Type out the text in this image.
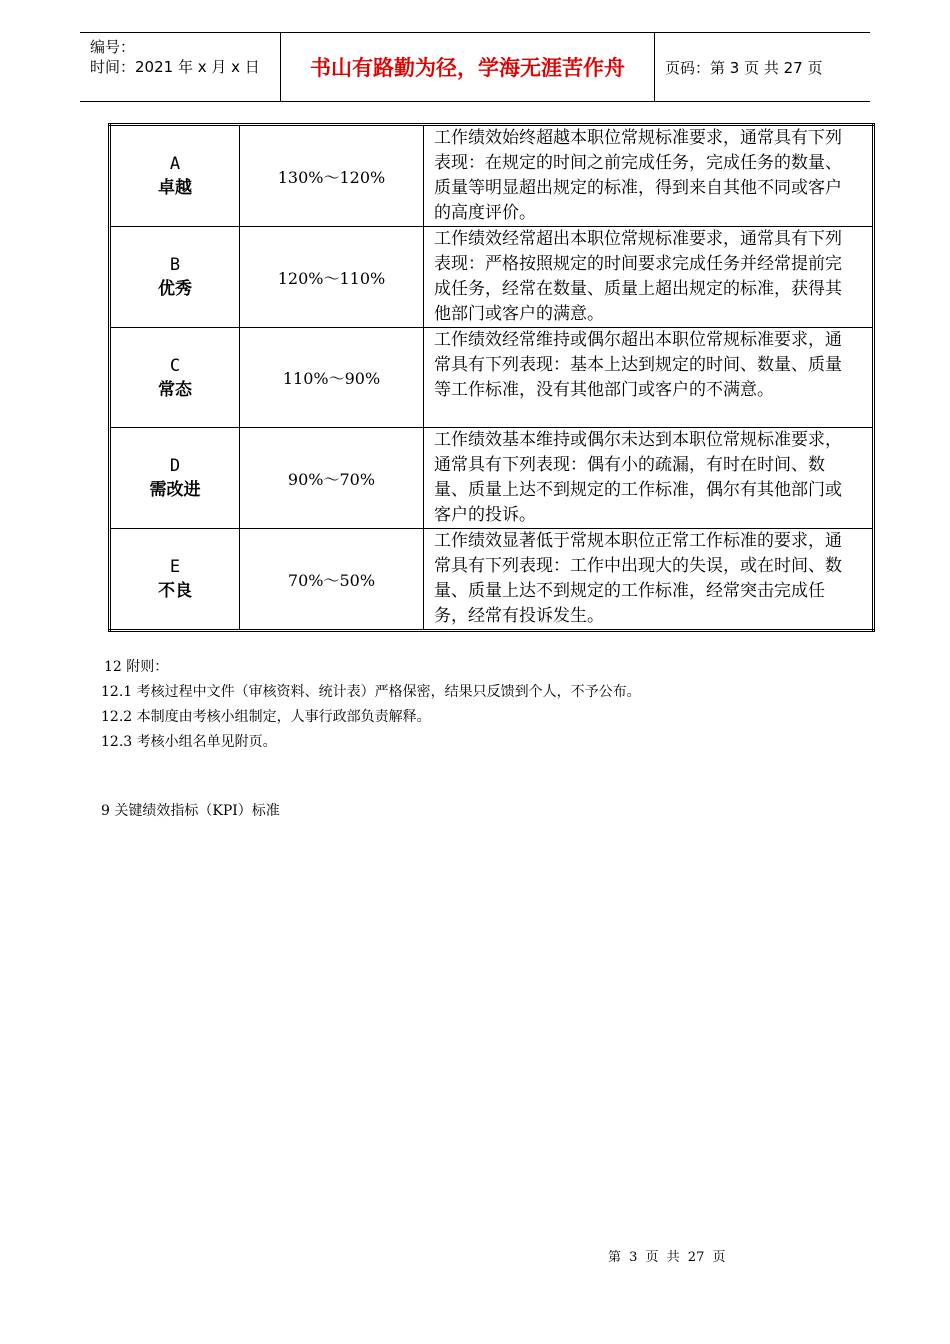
编号：
时间：2021 年 x 月 x 日	书山有路勤为径，学海无涯苦作舟	页码：第 3 页 共 27 页
A
卓越	130%～120%	工作绩效始终超越本职位常规标准要求，通常具有下列表现：在规定的时间之前完成任务，完成任务的数量、质量等明显超出规定的标准，得到来自其他不同或客户的高度评价。

B
优秀	120%～110%	工作绩效经常超出本职位常规标准要求，通常具有下列表现：严格按照规定的时间要求完成任务并经常提前完成任务，经常在数量、质量上超出规定的标准，获得其他部门或客户的满意。

C
常态	110%～90%	工作绩效经常维持或偶尔超出本职位常规标准要求，通常具有下列表现：基本上达到规定的时间、数量、质量等工作标准，没有其他部门或客户的不满意。

D
需改进	90%～70%	工作绩效基本维持或偶尔未达到本职位常规标准要求，通常具有下列表现：偶有小的疏漏，有时在时间、数量、质量上达不到规定的工作标准，偶尔有其他部门或客户的投诉。

E
不良	70%～50%	工作绩效显著低于常规本职位正常工作标准的要求，通常具有下列表现：工作中出现大的失误，或在时间、数量、质量上达不到规定的工作标准，经常突击完成任务，经常有投诉发生。
12 附则：
12.1 考核过程中文件（审核资料、统计表）严格保密，结果只反馈到个人，不予公布。
12.2 本制度由考核小组制定，人事行政部负责解释。
12.3 考核小组名单见附页。
9 关键绩效指标（KPI）标准
第 3 页 共 27 页
